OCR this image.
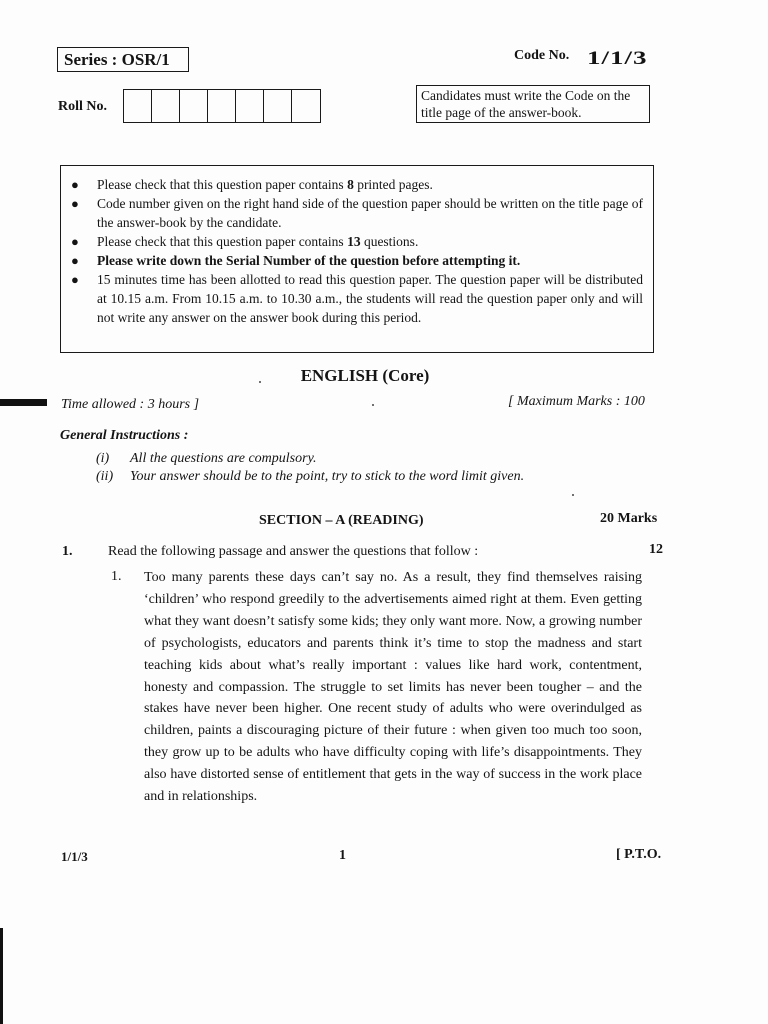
Series : OSR/1	Code No. 1/1/3
Roll No.
Candidates must write the Code on the title page of the answer-book.
● Please check that this question paper contains 8 printed pages.
● Code number given on the right hand side of the question paper should be written on the title page of the answer-book by the candidate.
● Please check that this question paper contains 13 questions.
● Please write down the Serial Number of the question before attempting it.
● 15 minutes time has been allotted to read this question paper. The question paper will be distributed at 10.15 a.m. From 10.15 a.m. to 10.30 a.m., the students will read the question paper only and will not write any answer on the answer book during this period.
ENGLISH (Core)
Time allowed : 3 hours ]	[ Maximum Marks : 100
General Instructions :
(i)	All the questions are compulsory.
(ii)	Your answer should be to the point, try to stick to the word limit given.
SECTION – A (READING)	20 Marks
1.	Read the following passage and answer the questions that follow :	12
1. Too many parents these days can’t say no. As a result, they find themselves raising ‘children’ who respond greedily to the advertisements aimed right at them. Even getting what they want doesn’t satisfy some kids; they only want more. Now, a growing number of psychologists, educators and parents think it’s time to stop the madness and start teaching kids about what’s really important : values like hard work, contentment, honesty and compassion. The struggle to set limits has never been tougher – and the stakes have never been higher. One recent study of adults who were overindulged as children, paints a discouraging picture of their future : when given too much too soon, they grow up to be adults who have difficulty coping with life’s disappointments. They also have distorted sense of entitlement that gets in the way of success in the work place and in relationships.
1/1/3	1	[ P.T.O.
